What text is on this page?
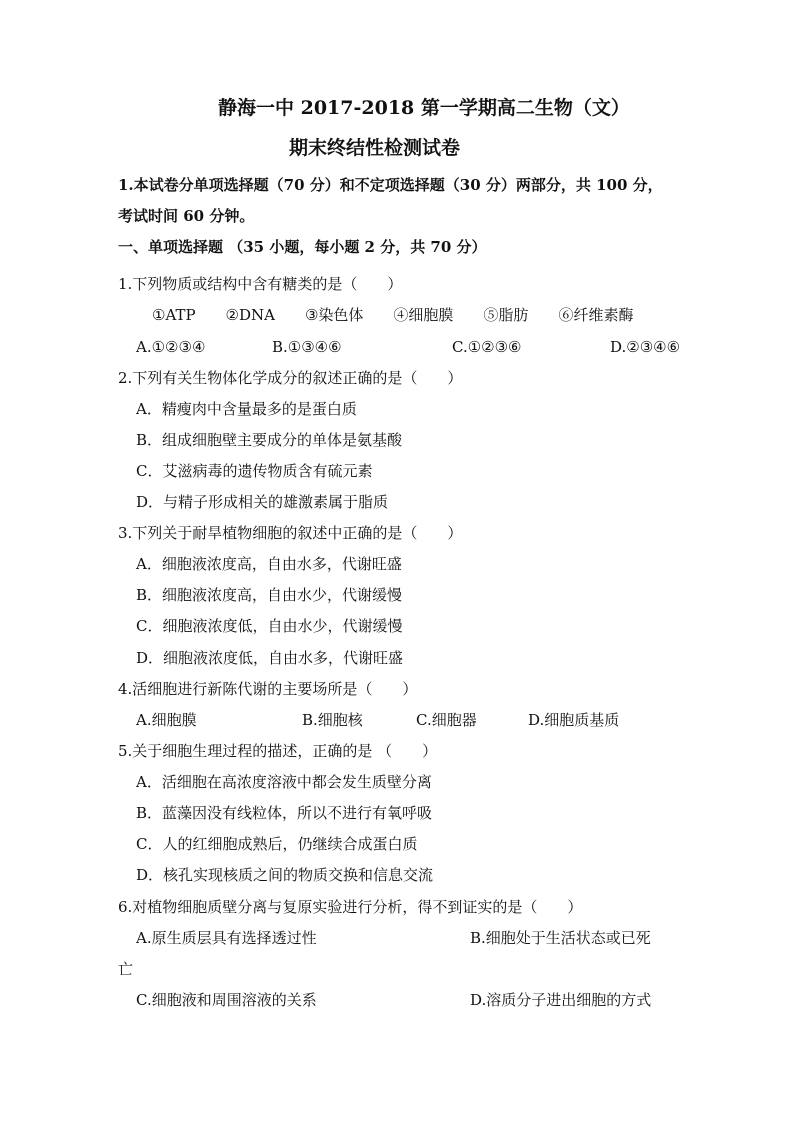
静海一中 2017-2018 第一学期高二生物（文）
期末终结性检测试卷
1.本试卷分单项选择题（70 分）和不定项选择题（30 分）两部分，共 100 分，
考试时间 60 分钟。
一、单项选择题 （35 小题，每小题 2 分，共 70 分）
1.下列物质或结构中含有糖类的是（　　）
①ATP　　②DNA　　③染色体　　④细胞膜　　⑤脂肪　　⑥纤维素酶
A.①②③④	B.①③④⑥	C.①②③⑥	D.②③④⑥
2.下列有关生物体化学成分的叙述正确的是（　　）
A．精瘦肉中含量最多的是蛋白质
B．组成细胞壁主要成分的单体是氨基酸
C．艾滋病毒的遗传物质含有硫元素
D．与精子形成相关的雄激素属于脂质
3.下列关于耐旱植物细胞的叙述中正确的是（　　）
A．细胞液浓度高，自由水多，代谢旺盛
B．细胞液浓度高，自由水少，代谢缓慢
C．细胞液浓度低，自由水少，代谢缓慢
D．细胞液浓度低，自由水多，代谢旺盛
4.活细胞进行新陈代谢的主要场所是（　　）
A.细胞膜	B.细胞核	C.细胞器	D.细胞质基质
5.关于细胞生理过程的描述，正确的是 （　　）
A．活细胞在高浓度溶液中都会发生质壁分离
B．蓝藻因没有线粒体，所以不进行有氧呼吸
C．人的红细胞成熟后，仍继续合成蛋白质
D．核孔实现核质之间的物质交换和信息交流
6.对植物细胞质壁分离与复原实验进行分析，得不到证实的是（　　）
A.原生质层具有选择透过性	B.细胞处于生活状态或已死
亡
C.细胞液和周围溶液的关系	D.溶质分子进出细胞的方式
